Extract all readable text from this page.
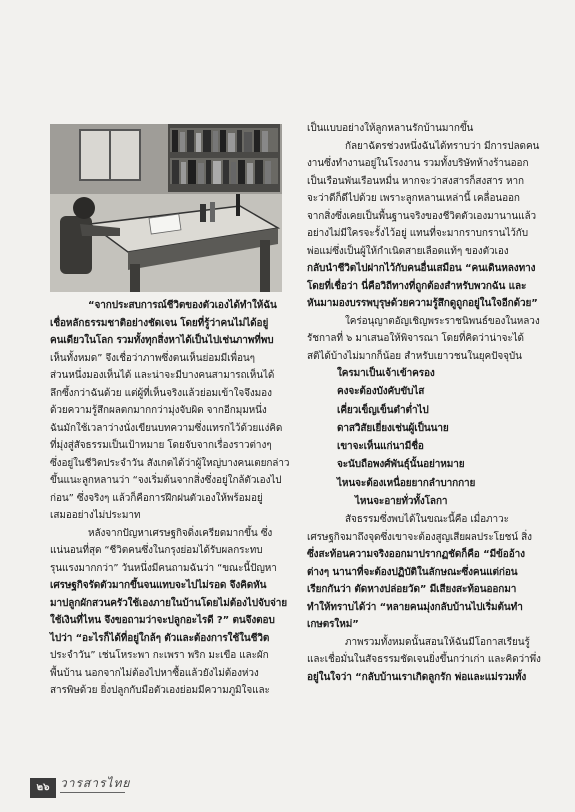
“จากประสบการณ์ชีวิตของตัวเองได้ทำให้ฉัน

เชื่อหลักธรรมชาติอย่างชัดเจน โดยที่รู้ว่าคนไม่ได้อยู่

คนเดียวในโลก รวมทั้งทุกสิ่งหาได้เป็นไปเช่นภาพที่พบ

เห็นทั้งหมด” จึงเชื่อว่าภาพซึ่งตนเห็นย่อมมีเพื่อนๆ

ส่วนหนึ่งมองเห็นได้ และน่าจะมีบางคนสามารถเห็นได้

ลึกซึ้งกว่าฉันด้วย แต่ผู้ที่เห็นจริงแล้วย่อมเข้าใจจึงมอง

ด้วยความรู้สึกผลตกมากกว่ามุ่งจับผิด จากอีกมุมหนึ่ง

ฉันมักใช้เวลาว่างนั่งเขียนบทความซึ่งแทรกไว้ด้วยแง่คิด

ที่มุ่งสู่สัจธรรมเป็นเป้าหมาย โดยจับจากเรื่องราวต่างๆ

ซึ่งอยู่ในชีวิตประจำวัน สังเกตได้ว่าผู้ใหญ่บางคนเตยกล่าว

ขึ้นแนะลูกหลานว่า “จงเริ่มต้นจากสิ่งซึ่งอยู่ใกล้ตัวเองไป

ก่อน” ซึ่งจริงๆ แล้วก็คือการฝึกฝนตัวเองให้พร้อมอยู่

เสมออย่างไม่ประมาท

หลังจากปัญหาเศรษฐกิจดิ่งเครียดมากขึ้น ซึ่ง

แน่นอนที่สุด “ชีวิตคนซึ่งในกรุงย่อมได้รับผลกระทบ

รุนแรงมากกว่า” วันหนึ่งมีคนถามฉันว่า “ขณะนี้ปัญหา

เศรษฐกิจรัดตัวมากขึ้นจนแทบจะไปไม่รอด จึงคิดหัน

มาปลูกผักสวนครัวใช้เองภายในบ้านโดยไม่ต้องไปจับจ่าย

ใช้เงินที่ไหน จึงขอถามว่าจะปลูกอะไรดี ?” ตนจึงตอบ

ไปว่า “อะไรก็ได้ที่อยู่ใกล้ๆ ตัวและต้องการใช้ในชีวิต

ประจำวัน” เช่นโหระพา กะเพรา พริก มะเขือ และผัก

พื้นบ้าน นอกจากไม่ต้องไปหาซื้อแล้วยังไม่ต้องห่วง

สารพิษด้วย ยิ่งปลูกกับมือตัวเองย่อมมีความภูมิใจและ

เป็นแบบอย่างให้ลูกหลานรักบ้านมากขึ้น

กัลยาฉัตรช่วงหนึ่งฉันได้ทราบว่า มีการปลดคน

งานซึ่งทำงานอยู่ในโรงงาน รวมทั้งบริษัทห้างร้านออก

เป็นเรือนพันเรือนหมื่น หากจะว่าสงสารก็สงสาร หาก

จะว่าดีก็ดีไปด้วย เพราะลูกหลานเหล่านี้ เคลื่อนออก

จากสิ่งซึ่งเคยเป็นพื้นฐานจริงของชีวิตตัวเองมานานแล้ว

อย่างไม่มีใครจะรั้งไว้อยู่ แทนที่จะมากราบกรานไว้กับ

พ่อแม่ซึ่งเป็นผู้ให้กำเนิดสายเลือดแท้ๆ ของตัวเอง

กลับนำชีวิตไปฝากไว้กับคนอื่นเสมือน “คนเดินหลงทาง

โดยที่เชื่อว่า นี่คือวิถีทางที่ถูกต้องสำหรับพวกฉัน และ

หันมามองบรรพบุรุษด้วยความรู้สึกดูถูกอยู่ในใจอีกด้วย”

ใคร่อนุญาตอัญเชิญพระราชนิพนธ์ของในหลวง

รัชกาลที่ ๖ มาเสนอให้พิจารณา โดยที่คิดว่าน่าจะได้

สติได้บ้างไม่มากก็น้อย สำหรับเยาวชนในยุคปัจจุบัน

ใครมาเป็นเจ้าเข้าครอง

คงจะต้องบังคับขับไส

เคี่ยวเข็ญเข็นตำต่ำไป

ดาสวิสัยเยี่ยงเช่นผู้เป็นนาย

เขาจะเห็นแก่นามีชื่อ

จะนับถือพงศ์พันธุ์นั้นอย่าหมาย

ไหนจะต้องเหนื่อยยากลำบากกาย

ไหนจะอายทั่วทั้งโลกา

สัจธรรมซึ่งพบได้ในขณะนี้คือ เมื่อภาวะ

เศรษฐกิจมาถึงจุดซึ่งเขาจะต้องสูญเสียผลประโยชน์ สิ่ง

ซึ่งสะท้อนความจริงออกมาปรากฏชัดก็คือ “มีข้ออ้าง

ต่างๆ นานาที่จะต้องปฏิบัติในลักษณะซึ่งคนแต่ก่อน

เรียกกันว่า ตัดหางปล่อยวัด” มีเสียงสะท้อนออกมา

ทำให้ทราบได้ว่า “หลายคนมุ่งกลับบ้านไปเริ่มต้นทำ

เกษตรใหม่”

ภาพรวมทั้งหมดนั้นสอนให้ฉันมีโอกาสเรียนรู้

และเชื่อมั่นในสัจธรรมชัดเจนยิ่งขึ้นกว่าเก่า และคิดว่าพึ่ง

อยู่ในใจว่า “กลับบ้านเราเกิดลูกรัก พ่อและแม่รวมทั้ง

๒๖ วารสารไทย
